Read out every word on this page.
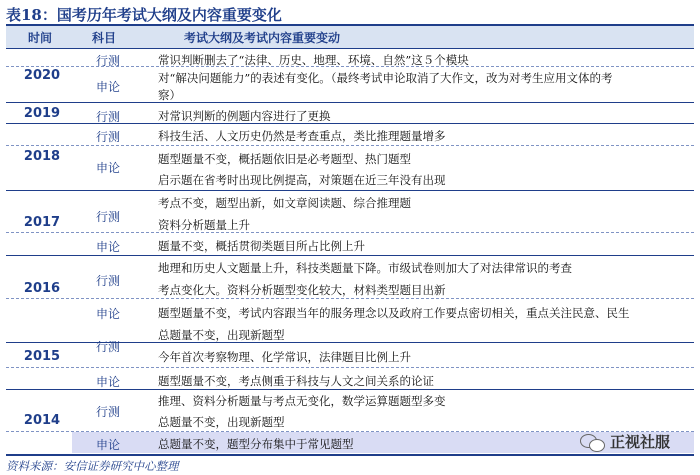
表18：国考历年考试大纲及内容重要变化
时间	科目	考试大纲及考试内容重要变动
2020
2019
2018
2017
2016
2015
2014
行测
申论
行测
行测
申论
行测
申论
行测
申论
行测
申论
行测
申论
常识判断删去了“法律、历史、地理、环境、自然”这５个模块
对“解决问题能力”的表述有变化。（最终考试申论取消了大作文，改为对考生应用文体的考
察）
对常识判断的例题内容进行了更换
科技生活、人文历史仍然是考查重点，类比推理题量增多
题型题量不变，概括题依旧是必考题型、热门题型
启示题在省考时出现比例提高，对策题在近三年没有出现
考点不变，题型出新，如文章阅读题、综合推理题
资料分析题量上升
题量不变，概括贯彻类题目所占比例上升
地理和历史人文题量上升，科技类题量下降。市级试卷则加大了对法律常识的考查
考点变化大。资料分析题型变化较大，材料类型题目出新
题型题量不变，考试内容跟当年的服务理念以及政府工作要点密切相关，重点关注民意、民生
总题量不变，出现新题型
今年首次考察物理、化学常识，法律题目比例上升
题型题量不变，考点侧重于科技与人文之间关系的论证
推理、资料分析题量与考点无变化，数学运算题题型多变
总题量不变，出现新题型
总题量不变，题型分布集中于常见题型
资料来源：安信证券研究中心整理
正视社服
